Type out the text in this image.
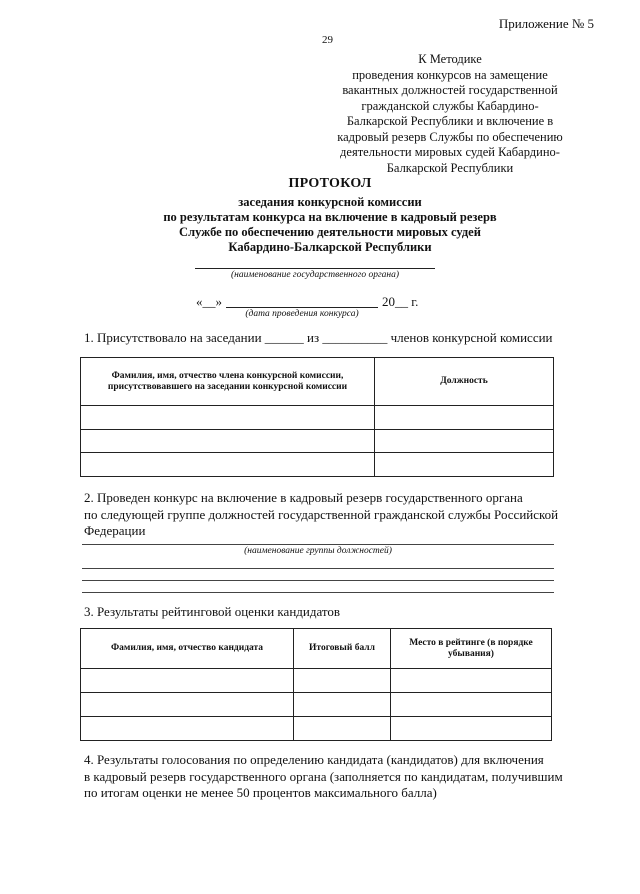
Приложение № 5
29
К Методике
проведения конкурсов на замещение
вакантных должностей государственной
гражданской службы Кабардино-
Балкарской Республики и включение в
кадровый резерв Службы по обеспечению
деятельности мировых судей Кабардино-
Балкарской Республики
ПРОТОКОЛ
заседания конкурсной комиссии
по результатам конкурса на включение в кадровый резерв
Службе по обеспечению деятельности мировых судей
Кабардино-Балкарской Республики
(наименование государственного органа)
«__»	20__ г.
(дата проведения конкурса)
1. Присутствовало на заседании ______ из __________ членов конкурсной комиссии
Фамилия, имя, отчество члена конкурсной комиссии, присутствовавшего на заседании конкурсной комиссии	Должность

2. Проведен конкурс на включение в кадровый резерв государственного органа
по следующей группе должностей государственной гражданской службы Российской
Федерации
(наименование группы должностей)
3. Результаты рейтинговой оценки кандидатов
Фамилия, имя, отчество кандидата	Итоговый балл	Место в рейтинге (в порядке убывания)

4. Результаты голосования по определению кандидата (кандидатов) для включения
в кадровый резерв государственного органа (заполняется по кандидатам, получившим
по итогам оценки не менее 50 процентов максимального балла)
